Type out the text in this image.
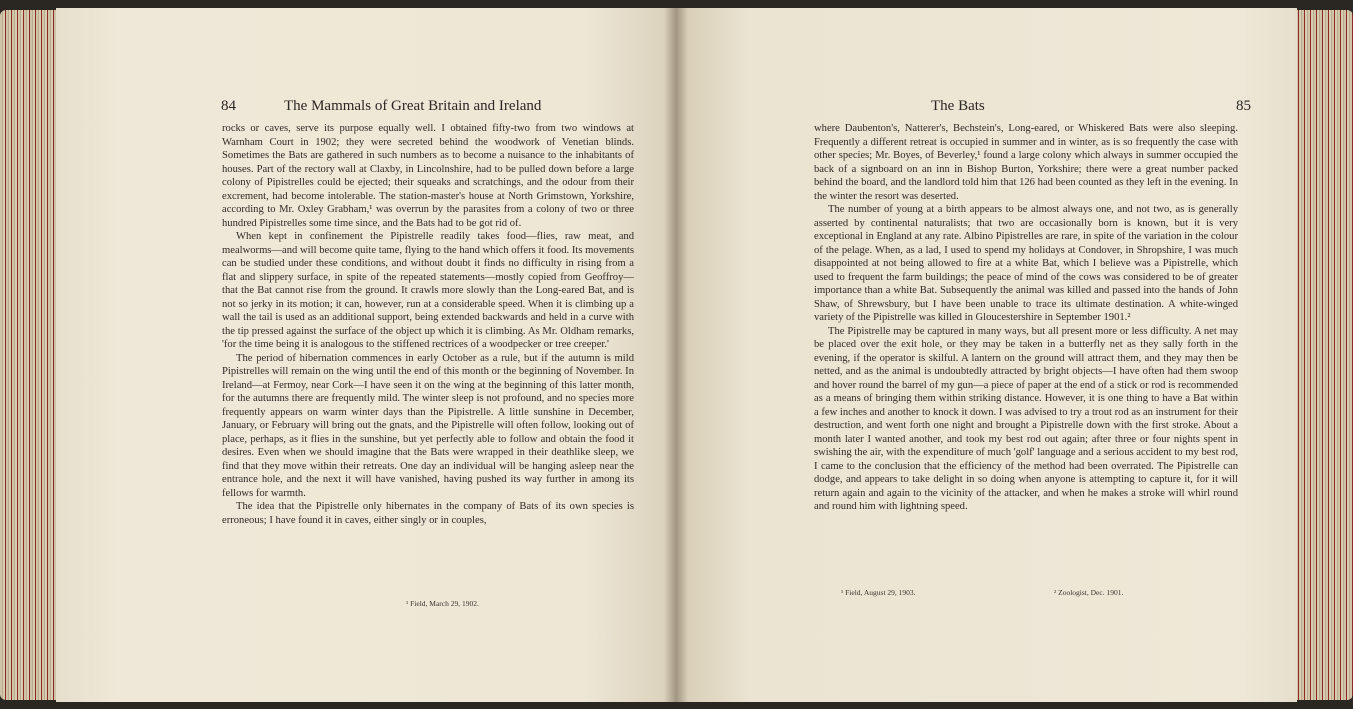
84	The Mammals of Great Britain and Ireland

rocks or caves, serve its purpose equally well. I obtained fifty-two from two windows at Warnham Court in 1902; they were secreted behind the woodwork of Venetian blinds. Sometimes the Bats are gathered in such numbers as to become a nuisance to the inhabitants of houses. Part of the rectory wall at Claxby, in Lincolnshire, had to be pulled down before a large colony of Pipistrelles could be ejected; their squeaks and scratchings, and the odour from their excrement, had become intolerable. The station-master's house at North Grimstown, Yorkshire, according to Mr. Oxley Grabham,¹ was overrun by the parasites from a colony of two or three hundred Pipistrelles some time since, and the Bats had to be got rid of.

When kept in confinement the Pipistrelle readily takes food—flies, raw meat, and mealworms—and will become quite tame, flying to the hand which offers it food. Its movements can be studied under these conditions, and without doubt it finds no difficulty in rising from a flat and slippery surface, in spite of the repeated statements—mostly copied from Geoffroy—that the Bat cannot rise from the ground. It crawls more slowly than the Long-eared Bat, and is not so jerky in its motion; it can, however, run at a considerable speed. When it is climbing up a wall the tail is used as an additional support, being extended backwards and held in a curve with the tip pressed against the surface of the object up which it is climbing. As Mr. Oldham remarks, 'for the time being it is analogous to the stiffened rectrices of a woodpecker or tree creeper.'

The period of hibernation commences in early October as a rule, but if the autumn is mild Pipistrelles will remain on the wing until the end of this month or the beginning of November. In Ireland—at Fermoy, near Cork—I have seen it on the wing at the beginning of this latter month, for the autumns there are frequently mild. The winter sleep is not profound, and no species more frequently appears on warm winter days than the Pipistrelle. A little sunshine in December, January, or February will bring out the gnats, and the Pipistrelle will often follow, looking out of place, perhaps, as it flies in the sunshine, but yet perfectly able to follow and obtain the food it desires. Even when we should imagine that the Bats were wrapped in their deathlike sleep, we find that they move within their retreats. One day an individual will be hanging asleep near the entrance hole, and the next it will have vanished, having pushed its way further in among its fellows for warmth.

The idea that the Pipistrelle only hibernates in the company of Bats of its own species is erroneous; I have found it in caves, either singly or in couples,

¹ Field, March 29, 1902.
The Bats	85

where Daubenton's, Natterer's, Bechstein's, Long-eared, or Whiskered Bats were also sleeping. Frequently a different retreat is occupied in summer and in winter, as is so frequently the case with other species; Mr. Boyes, of Beverley,¹ found a large colony which always in summer occupied the back of a signboard on an inn in Bishop Burton, Yorkshire; there were a great number packed behind the board, and the landlord told him that 126 had been counted as they left in the evening. In the winter the resort was deserted.

The number of young at a birth appears to be almost always one, and not two, as is generally asserted by continental naturalists; that two are occasionally born is known, but it is very exceptional in England at any rate. Albino Pipistrelles are rare, in spite of the variation in the colour of the pelage. When, as a lad, I used to spend my holidays at Condover, in Shropshire, I was much disappointed at not being allowed to fire at a white Bat, which I believe was a Pipistrelle, which used to frequent the farm buildings; the peace of mind of the cows was considered to be of greater importance than a white Bat. Subsequently the animal was killed and passed into the hands of John Shaw, of Shrewsbury, but I have been unable to trace its ultimate destination. A white-winged variety of the Pipistrelle was killed in Gloucestershire in September 1901.²

The Pipistrelle may be captured in many ways, but all present more or less difficulty. A net may be placed over the exit hole, or they may be taken in a butterfly net as they sally forth in the evening, if the operator is skilful. A lantern on the ground will attract them, and they may then be netted, and as the animal is undoubtedly attracted by bright objects—I have often had them swoop and hover round the barrel of my gun—a piece of paper at the end of a stick or rod is recommended as a means of bringing them within striking distance. However, it is one thing to have a Bat within a few inches and another to knock it down. I was advised to try a trout rod as an instrument for their destruction, and went forth one night and brought a Pipistrelle down with the first stroke. About a month later I wanted another, and took my best rod out again; after three or four nights spent in swishing the air, with the expenditure of much 'golf' language and a serious accident to my best rod, I came to the conclusion that the efficiency of the method had been overrated. The Pipistrelle can dodge, and appears to take delight in so doing when anyone is attempting to capture it, for it will return again and again to the vicinity of the attacker, and when he makes a stroke will whirl round and round him with lightning speed.

¹ Field, August 29, 1903.	² Zoologist, Dec. 1901.
